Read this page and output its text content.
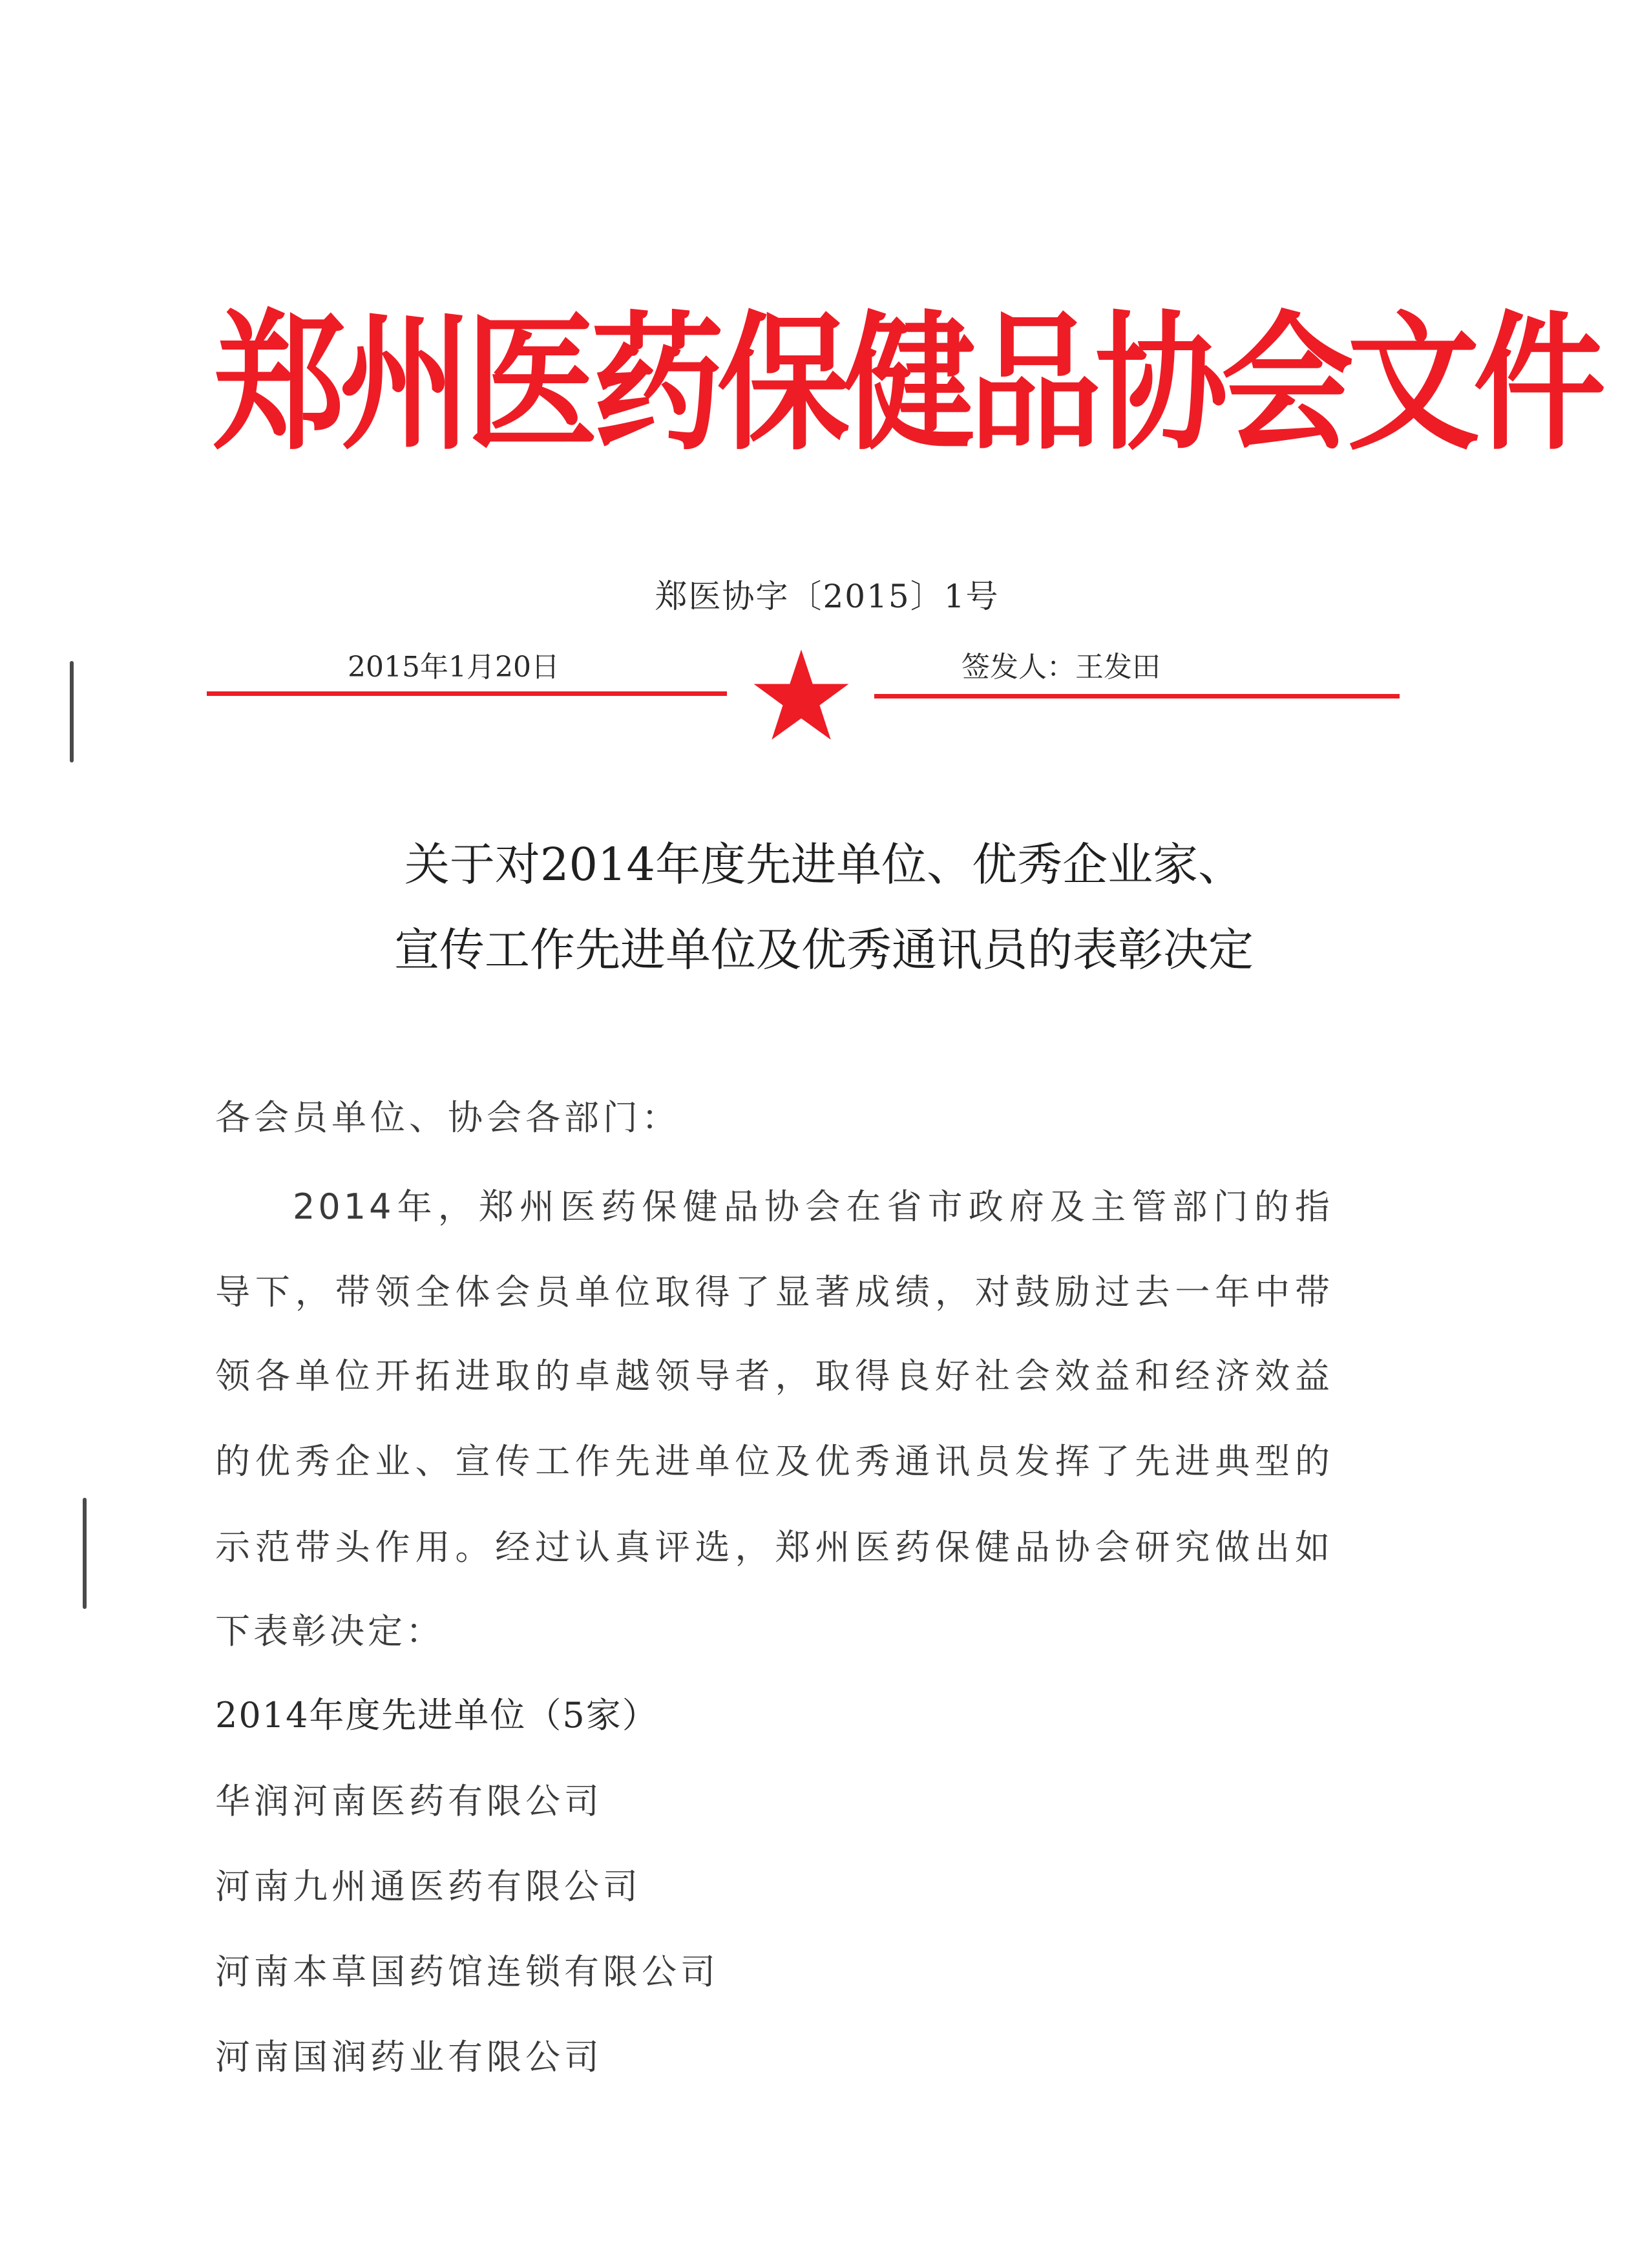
郑州医药保健品协会文件
郑医协字〔2015〕1号
2015年1月20日	签发人：王发田
关于对2014年度先进单位、优秀企业家、
宣传工作先进单位及优秀通讯员的表彰决定
各会员单位、协会各部门：
2014年，郑州医药保健品协会在省市政府及主管部门的指
导下，带领全体会员单位取得了显著成绩，对鼓励过去一年中带
领各单位开拓进取的卓越领导者，取得良好社会效益和经济效益
的优秀企业、宣传工作先进单位及优秀通讯员发挥了先进典型的
示范带头作用。经过认真评选，郑州医药保健品协会研究做出如
下表彰决定：
2014年度先进单位（5家）
华润河南医药有限公司
河南九州通医药有限公司
河南本草国药馆连锁有限公司
河南国润药业有限公司
